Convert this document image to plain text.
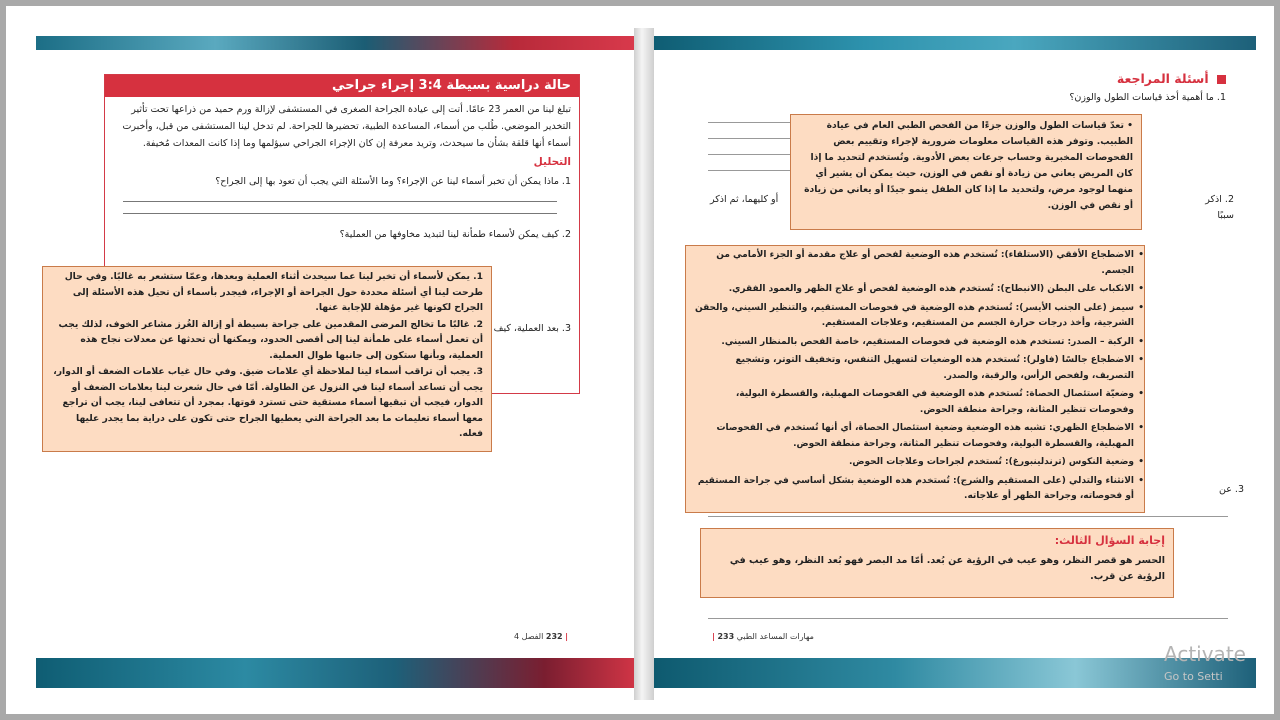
حالة دراسية بسيطة 3:4 إجراء جراحي
تبلغ لينا من العمر 23 عامًا. أتت إلى عيادة الجراحة الصغرى في المستشفى لإزالة ورم حميد من ذراعها تحت تأثير التخدير الموضعي. طُلب من أسماء، المساعدة الطبية، تحضيرها للجراحة. لم تدخل لينا المستشفى من قبل، وأخبرت أسماء أنها قلقة بشأن ما سيحدث، وتريد معرفة إن كان الإجراء الجراحي سيؤلمها وما إذا كانت المعدات مُخيفة.
التحليل
1. ماذا يمكن أن تخبر أسماء لينا عن الإجراء؟ وما الأسئلة التي يجب أن تعود بها إلى الجراح؟
2. كيف يمكن لأسماء طمأنة لينا لتبديد مخاوفها من العملية؟
3. بعد العملية، كيف

1. يمكن لأسماء أن تخبر لينا عما سيحدث أثناء العملية وبعدها، وعمّا ستشعر به غالبًا. وفي حال طرحت لينا أي أسئلة محددة حول الجراحة أو الإجراء، فيجدر بأسماء أن تحيل هذه الأسئلة إلى الجراح لكونها غير مؤهلة للإجابة عنها.

2. غالبًا ما تخالج المرضى المقدمين على جراحة بسيطة أو إزالة الغُرز مشاعر الخوف، لذلك يجب أن تعمل أسماء على طمأنة لينا إلى أقصى الحدود، ويمكنها أن تحدثها عن معدلات نجاح هذه العملية، وبأنها ستكون إلى جانبها طوال العملية.

3. يجب أن تراقب أسماء لينا لملاحظة أي علامات ضيق. وفي حال غياب علامات الضعف أو الدوار، يجب أن تساعد أسماء لينا في النزول عن الطاولة. أمّا في حال شعرت لينا بعلامات الضعف أو الدوار، فيجب أن تبقيها أسماء مستقية حتى تسترد قوتها. بمجرد أن تتعافى لينا، يجب أن تراجع معها أسماء تعليمات ما بعد الجراحة التي يعطيها الجراح حتى تكون على دراية بما يجدر عليها فعله.

| 232 الفصل 4
أسئلة المراجعة
1. ما أهمية أخذ قياسات الطول والوزن؟
2. اذكر
سببًا
أو كليهما، ثم اذكر
• تعدّ قياسات الطول والوزن جزءًا من الفحص الطبي العام في عيادة الطبيب. وتوفر هذه القياسات معلومات ضرورية لإجراء وتقييم بعض الفحوصات المخبرية وحساب جرعات بعض الأدوية. وتُستخدم لتحديد ما إذا كان المريض يعاني من زيادة أو نقص في الوزن، حيث يمكن أن يشير أي منهما لوجود مرض، ولتحديد ما إذا كان الطفل ينمو جيدًا أو يعاني من زيادة أو نقص في الوزن.

• الاضطجاع الأفقي (الاستلقاء): تُستخدم هذه الوضعية لفحص أو علاج مقدمة أو الجزء الأمامي من الجسم.

• الانكباب على البطن (الانبطاح): تُستخدم هذه الوضعية لفحص أو علاج الظهر والعمود الفقري.

• سيمز (على الجنب الأيسر): تُستخدم هذه الوضعية في فحوصات المستقيم، والتنظير السيني، والحقن الشرجية، وأخذ درجات حرارة الجسم من المستقيم، وعلاجات المستقيم.

• الركبة – الصدر: تستخدم هذه الوضعية في فحوصات المستقيم، خاصة الفحص بالمنظار السيني.

• الاضطجاع جالسًا (فاولر): تُستخدم هذه الوضعيات لتسهيل التنفس، وتخفيف التوتر، وتشجيع التصريف، ولفحص الرأس، والرقبة، والصدر.

• وضعيّة استئصال الحصاة: تُستخدم هذه الوضعية في الفحوصات المهبلية، والقسطرة البولية، وفحوصات تنظير المثانة، وجراحة منطقة الحوض.

• الاضطجاع الظهري: تشبه هذه الوضعية وضعية استئصال الحصاة، أي أنها تُستخدم في الفحوصات المهبلية، والقسطرة البولية، وفحوصات تنظير المثانة، وجراحة منطقة الحوض.

• وضعية النكوس (ترندلينبورغ): تُستخدم لجراحات وعلاجات الحوض.

• الانثناء والتدلي (على المستقيم والشرج): تُستخدم هذه الوضعية بشكل أساسي في جراحة المستقيم أو فحوصاته، وجراحة الظهر أو علاجاته.

3. عن
إجابة السؤال الثالث:
الحسر هو قصر النظر، وهو عيب في الرؤية عن بُعد. أمّا مد البصر فهو بُعد النظر، وهو عيب في الرؤية عن قرب.
مهارات المساعد الطبي 233 |
Activate
Go to Setti
